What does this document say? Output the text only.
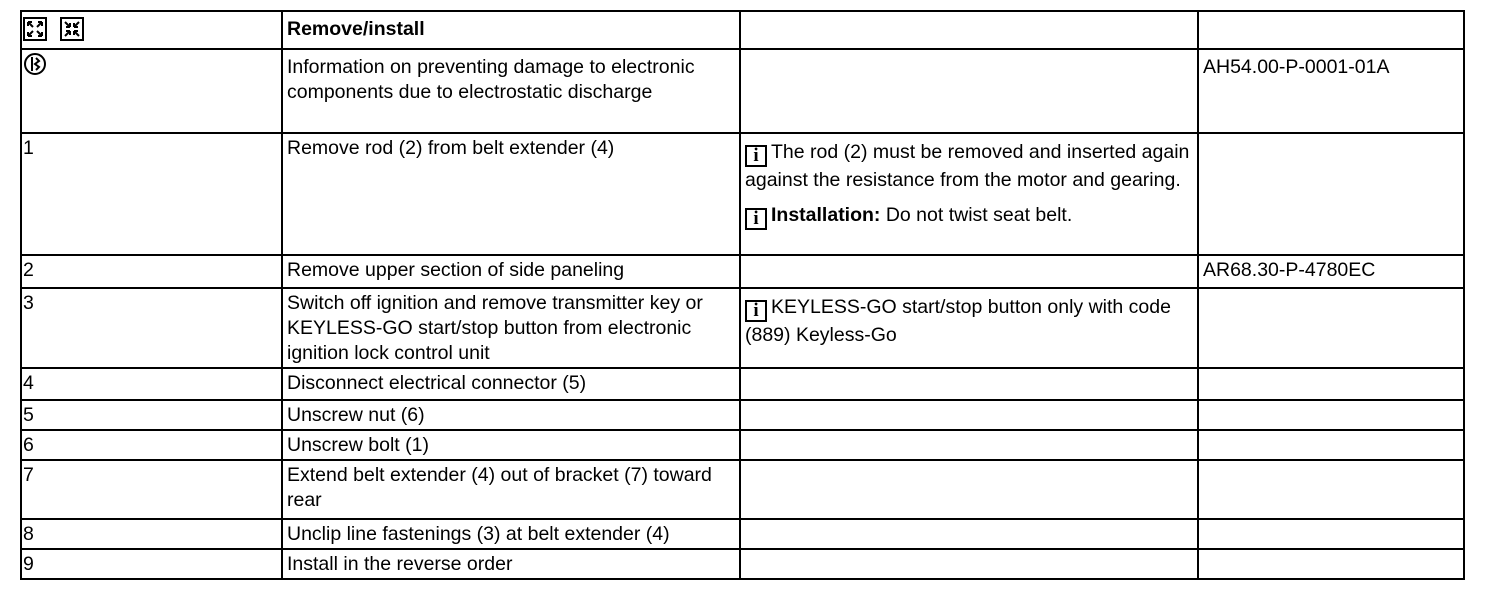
	Remove/install		
	Information on preventing damage to electronic components due to electrostatic discharge		AH54.00-P-0001-01A
1	Remove rod (2) from belt extender (4)	i The rod (2) must be removed and inserted again against the resistance from the motor and gearing.
i Installation: Do not twist seat belt.	

2	Remove upper section of side paneling		AR68.30-P-4780EC
3	Switch off ignition and remove transmitter key or KEYLESS-GO start/stop button from electronic ignition lock control unit	i KEYLESS-GO start/stop button only with code (889) Keyless-Go	

4	Disconnect electrical connector (5)		
5	Unscrew nut (6)		
6	Unscrew bolt (1)		
7	Extend belt extender (4) out of bracket (7) toward rear		
8	Unclip line fastenings (3) at belt extender (4)		
9	Install in the reverse order		
